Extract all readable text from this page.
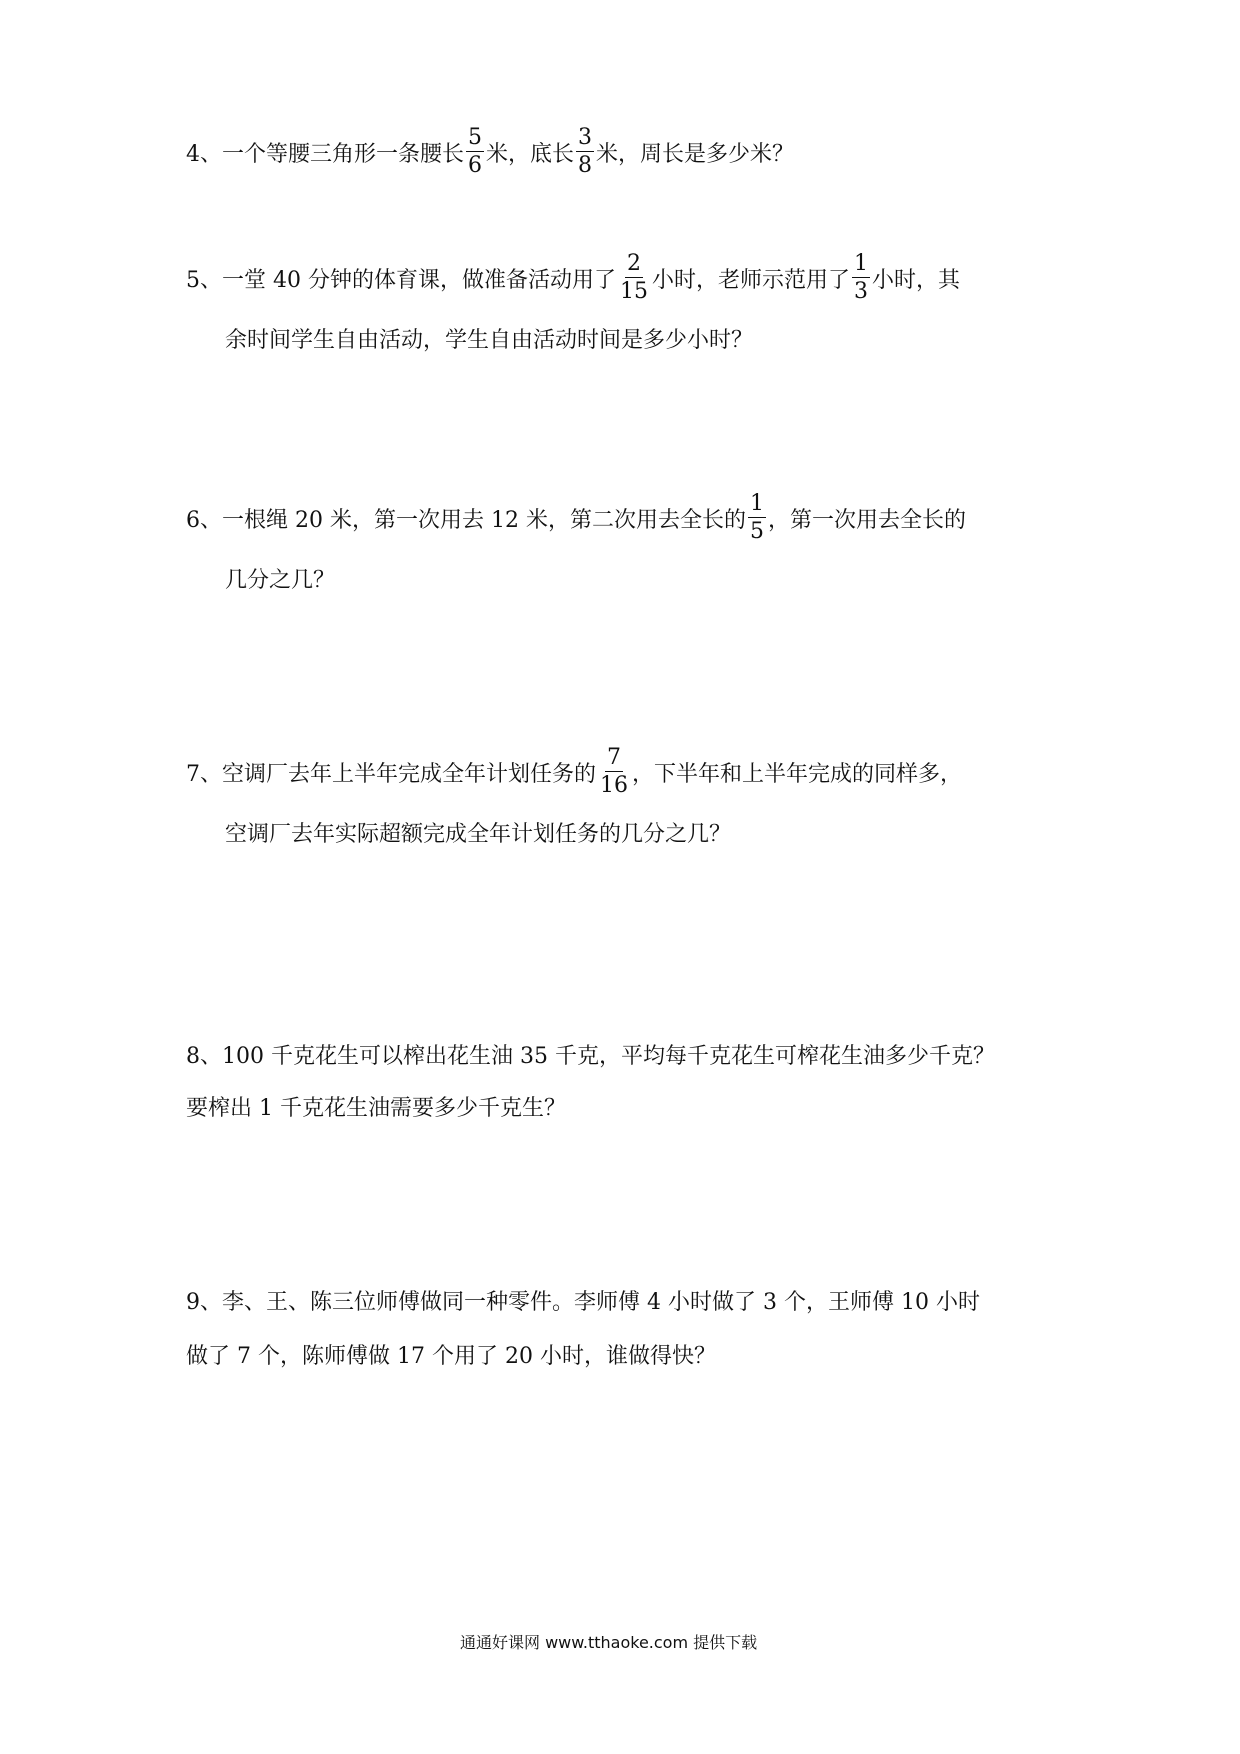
4、 一个等腰三角形一条腰长 $\frac{5}{6}$ 米，底长 $\frac{3}{8}$ 米，周长是多少米？
5、 一堂 40 分钟的体育课，做准备活动用了 $\frac{2}{15}$ 小时，老师示范用了 $\frac{1}{3}$ 小时，其
余时间学生自由活动，学生自由活动时间是多少小时？
6、 一根绳 20 米，第一次用去 12 米，第二次用去全长的 $\frac{1}{5}$ ，第一次用去全长的
几分之几？
7、 空调厂去年上半年完成全年计划任务的 $\frac{7}{16}$ ，下半年和上半年完成的同样多，
空调厂去年实际超额完成全年计划任务的几分之几？
8、100 千克花生可以榨出花生油 35 千克，平均每千克花生可榨花生油多少千克？
要榨出 1 千克花生油需要多少千克生？
9、李、王、陈三位师傅做同一种零件。李师傅 4 小时做了 3 个，王师傅 10 小时
做了 7 个，陈师傅做 17 个用了 20 小时，谁做得快？
通通好课网 www.tthaoke.com 提供下载
